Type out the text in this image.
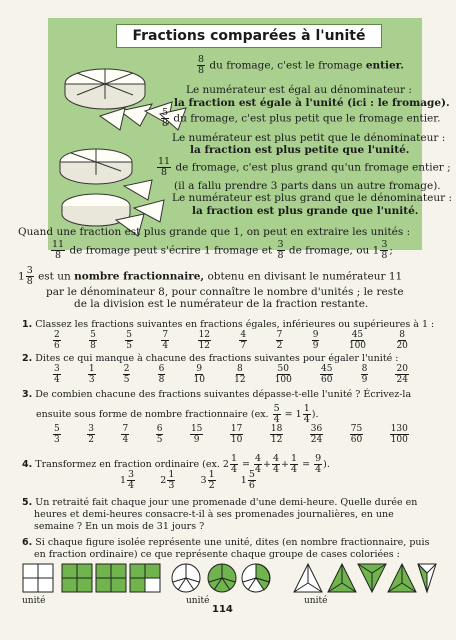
Fractions comparées à l'unité
$\frac{8}{8}$ du fromage, c'est le fromage entier.
Le numérateur est égal au dénominateur :
la fraction est égale à l'unité (ici : le fromage).
$\frac{5}{8}$ du fromage, c'est plus petit que le fromage entier.
Le numérateur est plus petit que le dénominateur :
la fraction est plus petite que l'unité.
$\frac{11}{8}$ de fromage, c'est plus grand qu'un fromage entier ;
(il a fallu prendre 3 parts dans un autre fromage).
Le numérateur est plus grand que le dénominateur :
la fraction est plus grande que l'unité.
Quand une fraction est plus grande que 1, on peut en extraire les unités :
$\frac{11}{8}$ de fromage peut s'écrire 1 fromage et $\frac{3}{8}$ de fromage, ou $1 \frac{3}{8}$ ;
$1 \frac{3}{8}$ est un nombre fractionnaire, obtenu en divisant le numérateur 11
par le dénominateur 8, pour connaître le nombre d'unités ; le reste
de la division est le numérateur de la fraction restante.
1. Classez les fractions suivantes en fractions égales, inférieures ou supérieures à 1 :
$\frac{2}{6}$	$\frac{5}{8}$	$\frac{5}{5}$	$\frac{7}{4}$	$\frac{12}{12}$	$\frac{4}{7}$	$\frac{7}{2}$	$\frac{9}{9}$	$\frac{45}{100}$	$\frac{8}{20}$
2. Dites ce qui manque à chacune des fractions suivantes pour égaler l'unité :
$\frac{3}{4}$	$\frac{1}{3}$	$\frac{2}{5}$	$\frac{6}{8}$	$\frac{9}{10}$	$\frac{8}{12}$	$\frac{50}{100}$	$\frac{45}{60}$	$\frac{8}{9}$	$\frac{20}{24}$
3. De combien chacune des fractions suivantes dépasse-t-elle l'unité ? Écrivez-la
ensuite sous forme de nombre fractionnaire (ex. $\frac{5}{4} = 1 \frac{1}{4}$ ).
$\frac{5}{3}$	$\frac{3}{2}$	$\frac{7}{4}$	$\frac{6}{5}$	$\frac{15}{9}$	$\frac{17}{10}$	$\frac{18}{12}$	$\frac{36}{24}$	$\frac{75}{60}$	$\frac{130}{100}$
4. Transformez en fraction ordinaire (ex. $2 \frac{1}{4} = \frac{4}{4} + \frac{4}{4} + \frac{1}{4} = \frac{9}{4}$ ).
$1 \frac{3}{4}$	$2 \frac{1}{3}$	$3 \frac{1}{2}$	$1 \frac{5}{6}$
5. Un retraité fait chaque jour une promenade d'une demi-heure. Quelle durée en
heures et demi-heures consacre-t-il à ses promenades journalières, en une
semaine ? En un mois de 31 jours ?
6. Si chaque figure isolée représente une unité, dites (en nombre fractionnaire, puis
en fraction ordinaire) ce que représente chaque groupe de cases coloriées :
unité	unité	unité
114
